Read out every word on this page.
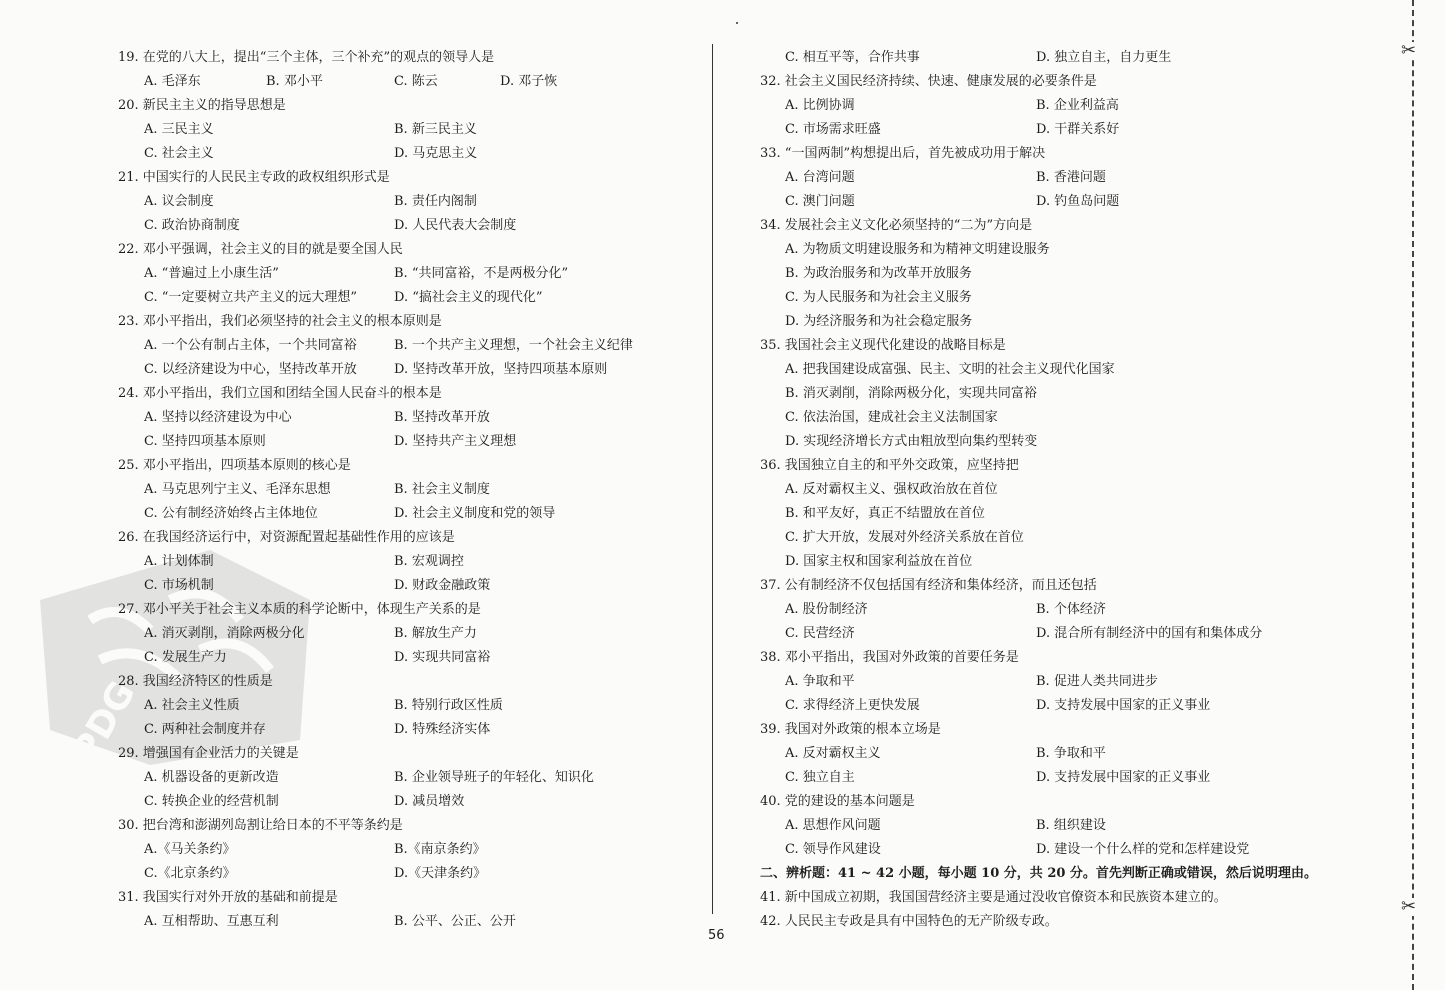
PDG
19. 在党的八大上，提出“三个主体，三个补充”的观点的领导人是
A. 毛泽东	B. 邓小平	C. 陈云	D. 邓子恢
20. 新民主主义的指导思想是
A. 三民主义	B. 新三民主义
C. 社会主义	D. 马克思主义
21. 中国实行的人民民主专政的政权组织形式是
A. 议会制度	B. 责任内阁制
C. 政治协商制度	D. 人民代表大会制度
22. 邓小平强调，社会主义的目的就是要全国人民
A. “普遍过上小康生活”	B. “共同富裕，不是两极分化”
C. “一定要树立共产主义的远大理想”	D. “搞社会主义的现代化”
23. 邓小平指出，我们必须坚持的社会主义的根本原则是
A. 一个公有制占主体，一个共同富裕	B. 一个共产主义理想，一个社会主义纪律
C. 以经济建设为中心，坚持改革开放	D. 坚持改革开放，坚持四项基本原则
24. 邓小平指出，我们立国和团结全国人民奋斗的根本是
A. 坚持以经济建设为中心	B. 坚持改革开放
C. 坚持四项基本原则	D. 坚持共产主义理想
25. 邓小平指出，四项基本原则的核心是
A. 马克思列宁主义、毛泽东思想	B. 社会主义制度
C. 公有制经济始终占主体地位	D. 社会主义制度和党的领导
26. 在我国经济运行中，对资源配置起基础性作用的应该是
A. 计划体制	B. 宏观调控
C. 市场机制	D. 财政金融政策
27. 邓小平关于社会主义本质的科学论断中，体现生产关系的是
A. 消灭剥削，消除两极分化	B. 解放生产力
C. 发展生产力	D. 实现共同富裕
28. 我国经济特区的性质是
A. 社会主义性质	B. 特别行政区性质
C. 两种社会制度并存	D. 特殊经济实体
29. 增强国有企业活力的关键是
A. 机器设备的更新改造	B. 企业领导班子的年轻化、知识化
C. 转换企业的经营机制	D. 减员增效
30. 把台湾和澎湖列岛割让给日本的不平等条约是
A.《马关条约》	B.《南京条约》
C.《北京条约》	D.《天津条约》
31. 我国实行对外开放的基础和前提是
A. 互相帮助、互惠互利	B. 公平、公正、公开
C. 相互平等，合作共事	D. 独立自主，自力更生
32. 社会主义国民经济持续、快速、健康发展的必要条件是
A. 比例协调	B. 企业利益高
C. 市场需求旺盛	D. 干群关系好
33. “一国两制”构想提出后，首先被成功用于解决
A. 台湾问题	B. 香港问题
C. 澳门问题	D. 钓鱼岛问题
34. 发展社会主义文化必须坚持的“二为”方向是
A. 为物质文明建设服务和为精神文明建设服务
B. 为政治服务和为改革开放服务
C. 为人民服务和为社会主义服务
D. 为经济服务和为社会稳定服务
35. 我国社会主义现代化建设的战略目标是
A. 把我国建设成富强、民主、文明的社会主义现代化国家
B. 消灭剥削，消除两极分化，实现共同富裕
C. 依法治国，建成社会主义法制国家
D. 实现经济增长方式由粗放型向集约型转变
36. 我国独立自主的和平外交政策，应坚持把
A. 反对霸权主义、强权政治放在首位
B. 和平友好，真正不结盟放在首位
C. 扩大开放，发展对外经济关系放在首位
D. 国家主权和国家利益放在首位
37. 公有制经济不仅包括国有经济和集体经济，而且还包括
A. 股份制经济	B. 个体经济
C. 民营经济	D. 混合所有制经济中的国有和集体成分
38. 邓小平指出，我国对外政策的首要任务是
A. 争取和平	B. 促进人类共同进步
C. 求得经济上更快发展	D. 支持发展中国家的正义事业
39. 我国对外政策的根本立场是
A. 反对霸权主义	B. 争取和平
C. 独立自主	D. 支持发展中国家的正义事业
40. 党的建设的基本问题是
A. 思想作风问题	B. 组织建设
C. 领导作风建设	D. 建设一个什么样的党和怎样建设党
二、辨析题：41 ~ 42 小题，每小题 10 分，共 20 分。首先判断正确或错误，然后说明理由。
41. 新中国成立初期，我国国营经济主要是通过没收官僚资本和民族资本建立的。
42. 人民民主专政是具有中国特色的无产阶级专政。
56
✂
✂
